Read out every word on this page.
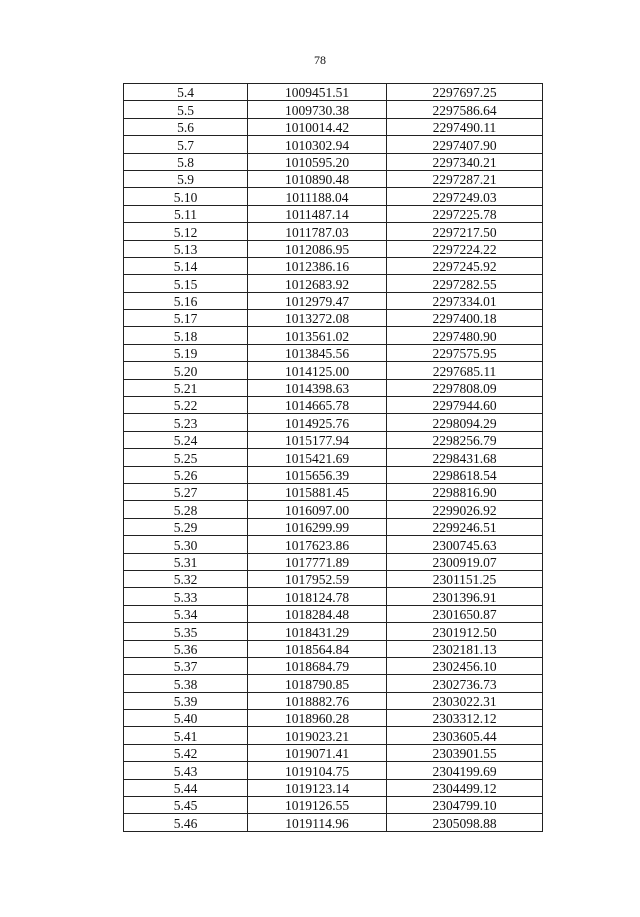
78
5.4	1009451.51	2297697.25
5.5	1009730.38	2297586.64
5.6	1010014.42	2297490.11
5.7	1010302.94	2297407.90
5.8	1010595.20	2297340.21
5.9	1010890.48	2297287.21
5.10	1011188.04	2297249.03
5.11	1011487.14	2297225.78
5.12	1011787.03	2297217.50
5.13	1012086.95	2297224.22
5.14	1012386.16	2297245.92
5.15	1012683.92	2297282.55
5.16	1012979.47	2297334.01
5.17	1013272.08	2297400.18
5.18	1013561.02	2297480.90
5.19	1013845.56	2297575.95
5.20	1014125.00	2297685.11
5.21	1014398.63	2297808.09
5.22	1014665.78	2297944.60
5.23	1014925.76	2298094.29
5.24	1015177.94	2298256.79
5.25	1015421.69	2298431.68
5.26	1015656.39	2298618.54
5.27	1015881.45	2298816.90
5.28	1016097.00	2299026.92
5.29	1016299.99	2299246.51
5.30	1017623.86	2300745.63
5.31	1017771.89	2300919.07
5.32	1017952.59	2301151.25
5.33	1018124.78	2301396.91
5.34	1018284.48	2301650.87
5.35	1018431.29	2301912.50
5.36	1018564.84	2302181.13
5.37	1018684.79	2302456.10
5.38	1018790.85	2302736.73
5.39	1018882.76	2303022.31
5.40	1018960.28	2303312.12
5.41	1019023.21	2303605.44
5.42	1019071.41	2303901.55
5.43	1019104.75	2304199.69
5.44	1019123.14	2304499.12
5.45	1019126.55	2304799.10
5.46	1019114.96	2305098.88
